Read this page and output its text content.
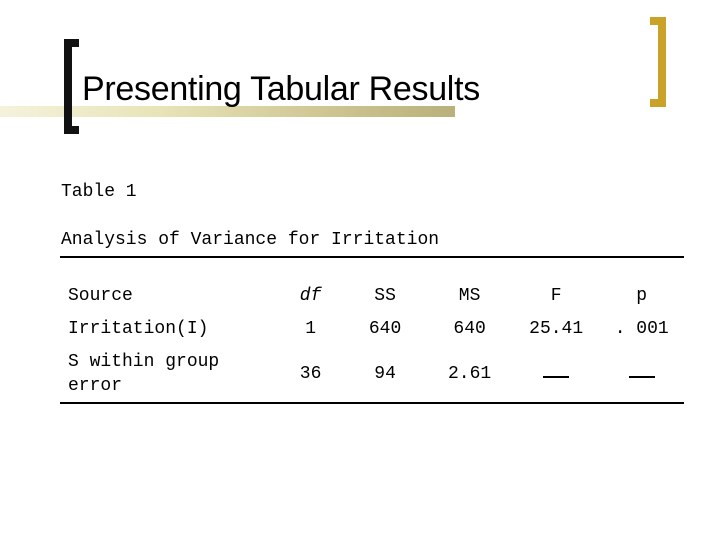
Presenting Tabular Results
Table 1
Analysis of Variance for Irritation
Source	df	SS	MS	F	p
Irritation(I)	1	640	640	25.41	. 001
S within group
error	36	94	2.61		
